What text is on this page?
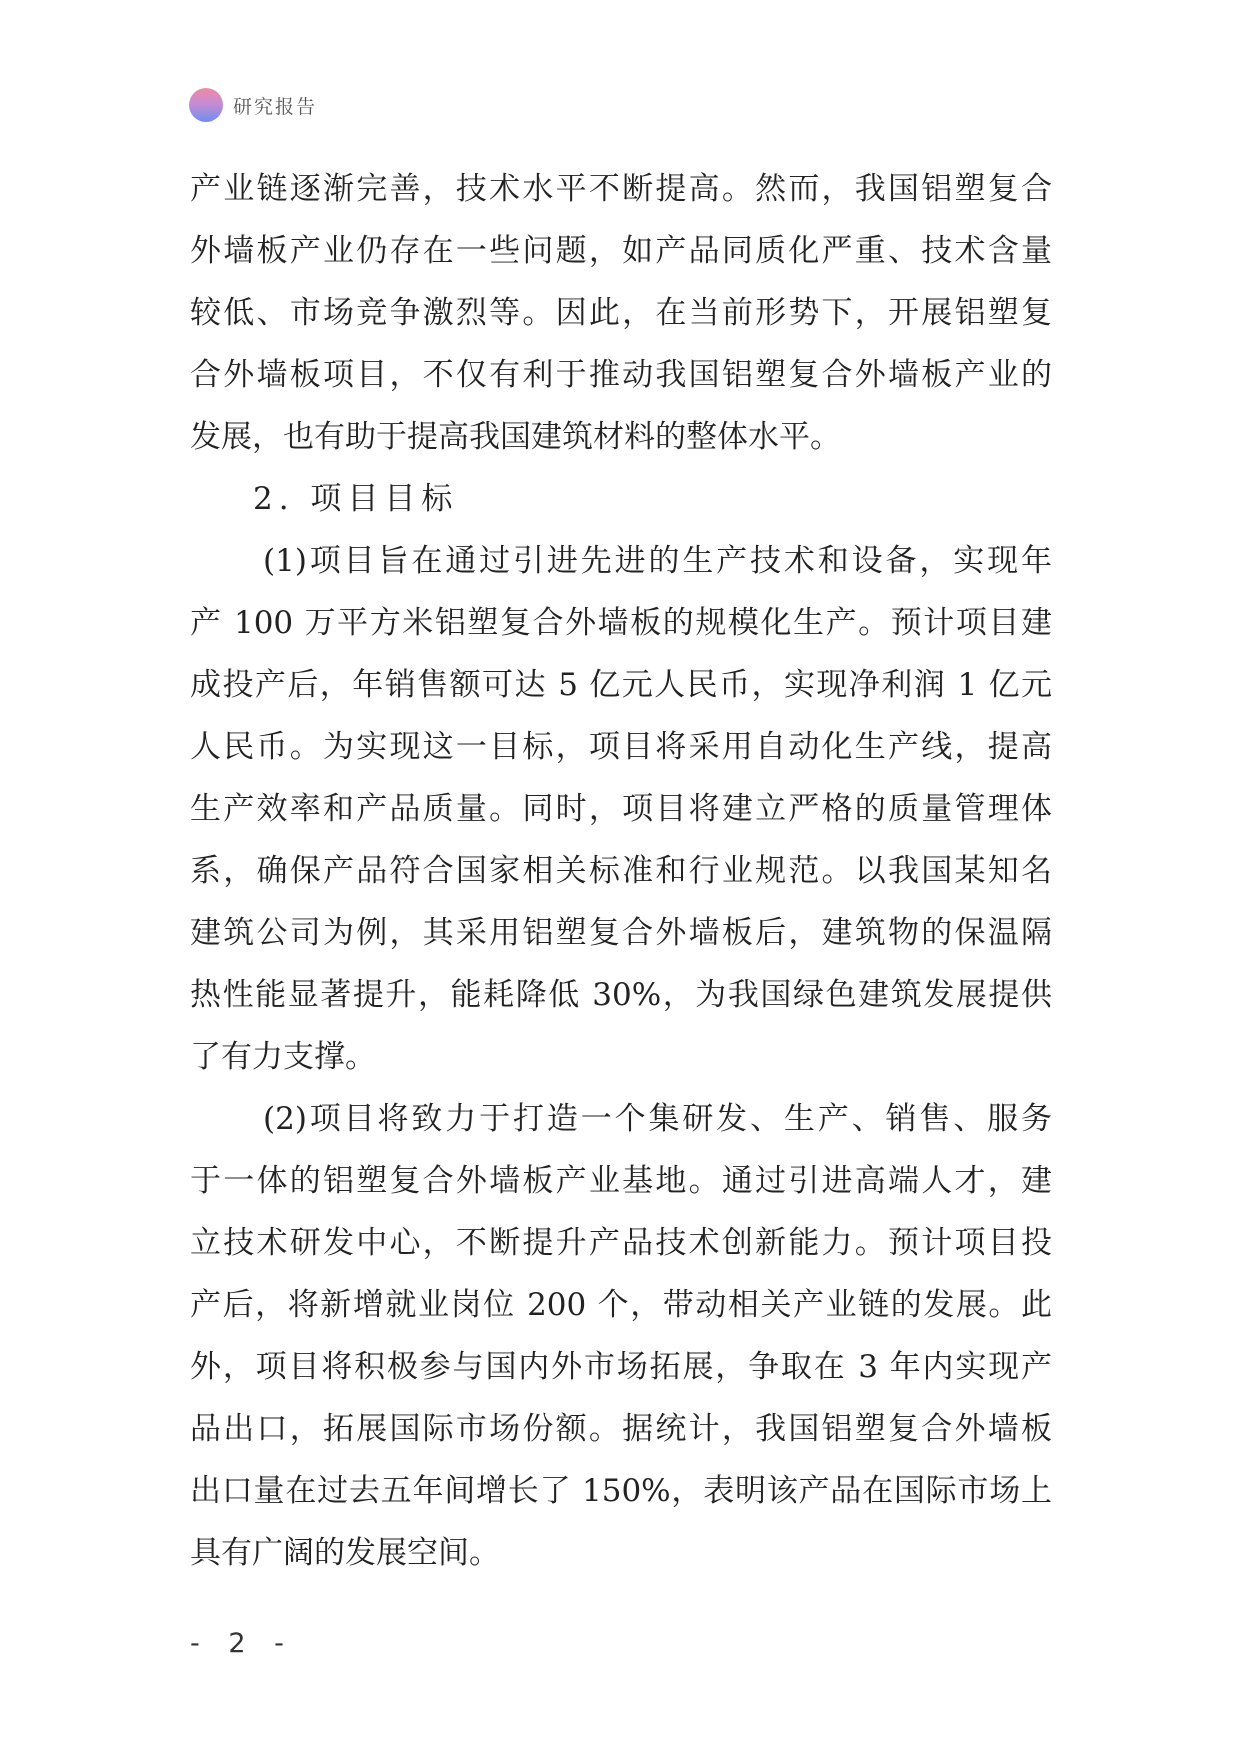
研究报告
产业链逐渐完善，技术水平不断提高。然而，我国铝塑复合
外墙板产业仍存在一些问题，如产品同质化严重、技术含量
较低、市场竞争激烈等。因此，在当前形势下，开展铝塑复
合外墙板项目，不仅有利于推动我国铝塑复合外墙板产业的
发展，也有助于提高我国建筑材料的整体水平。
2. 项目目标
(1)项目旨在通过引进先进的生产技术和设备，实现年
产 100 万平方米铝塑复合外墙板的规模化生产。预计项目建
成投产后，年销售额可达 5 亿元人民币，实现净利润 1 亿元
人民币。为实现这一目标，项目将采用自动化生产线，提高
生产效率和产品质量。同时，项目将建立严格的质量管理体
系，确保产品符合国家相关标准和行业规范。以我国某知名
建筑公司为例，其采用铝塑复合外墙板后，建筑物的保温隔
热性能显著提升，能耗降低 30%，为我国绿色建筑发展提供
了有力支撑。
(2)项目将致力于打造一个集研发、生产、销售、服务
于一体的铝塑复合外墙板产业基地。通过引进高端人才，建
立技术研发中心，不断提升产品技术创新能力。预计项目投
产后，将新增就业岗位 200 个，带动相关产业链的发展。此
外，项目将积极参与国内外市场拓展，争取在 3 年内实现产
品出口，拓展国际市场份额。据统计，我国铝塑复合外墙板
出口量在过去五年间增长了 150%，表明该产品在国际市场上
具有广阔的发展空间。
- 2 -
